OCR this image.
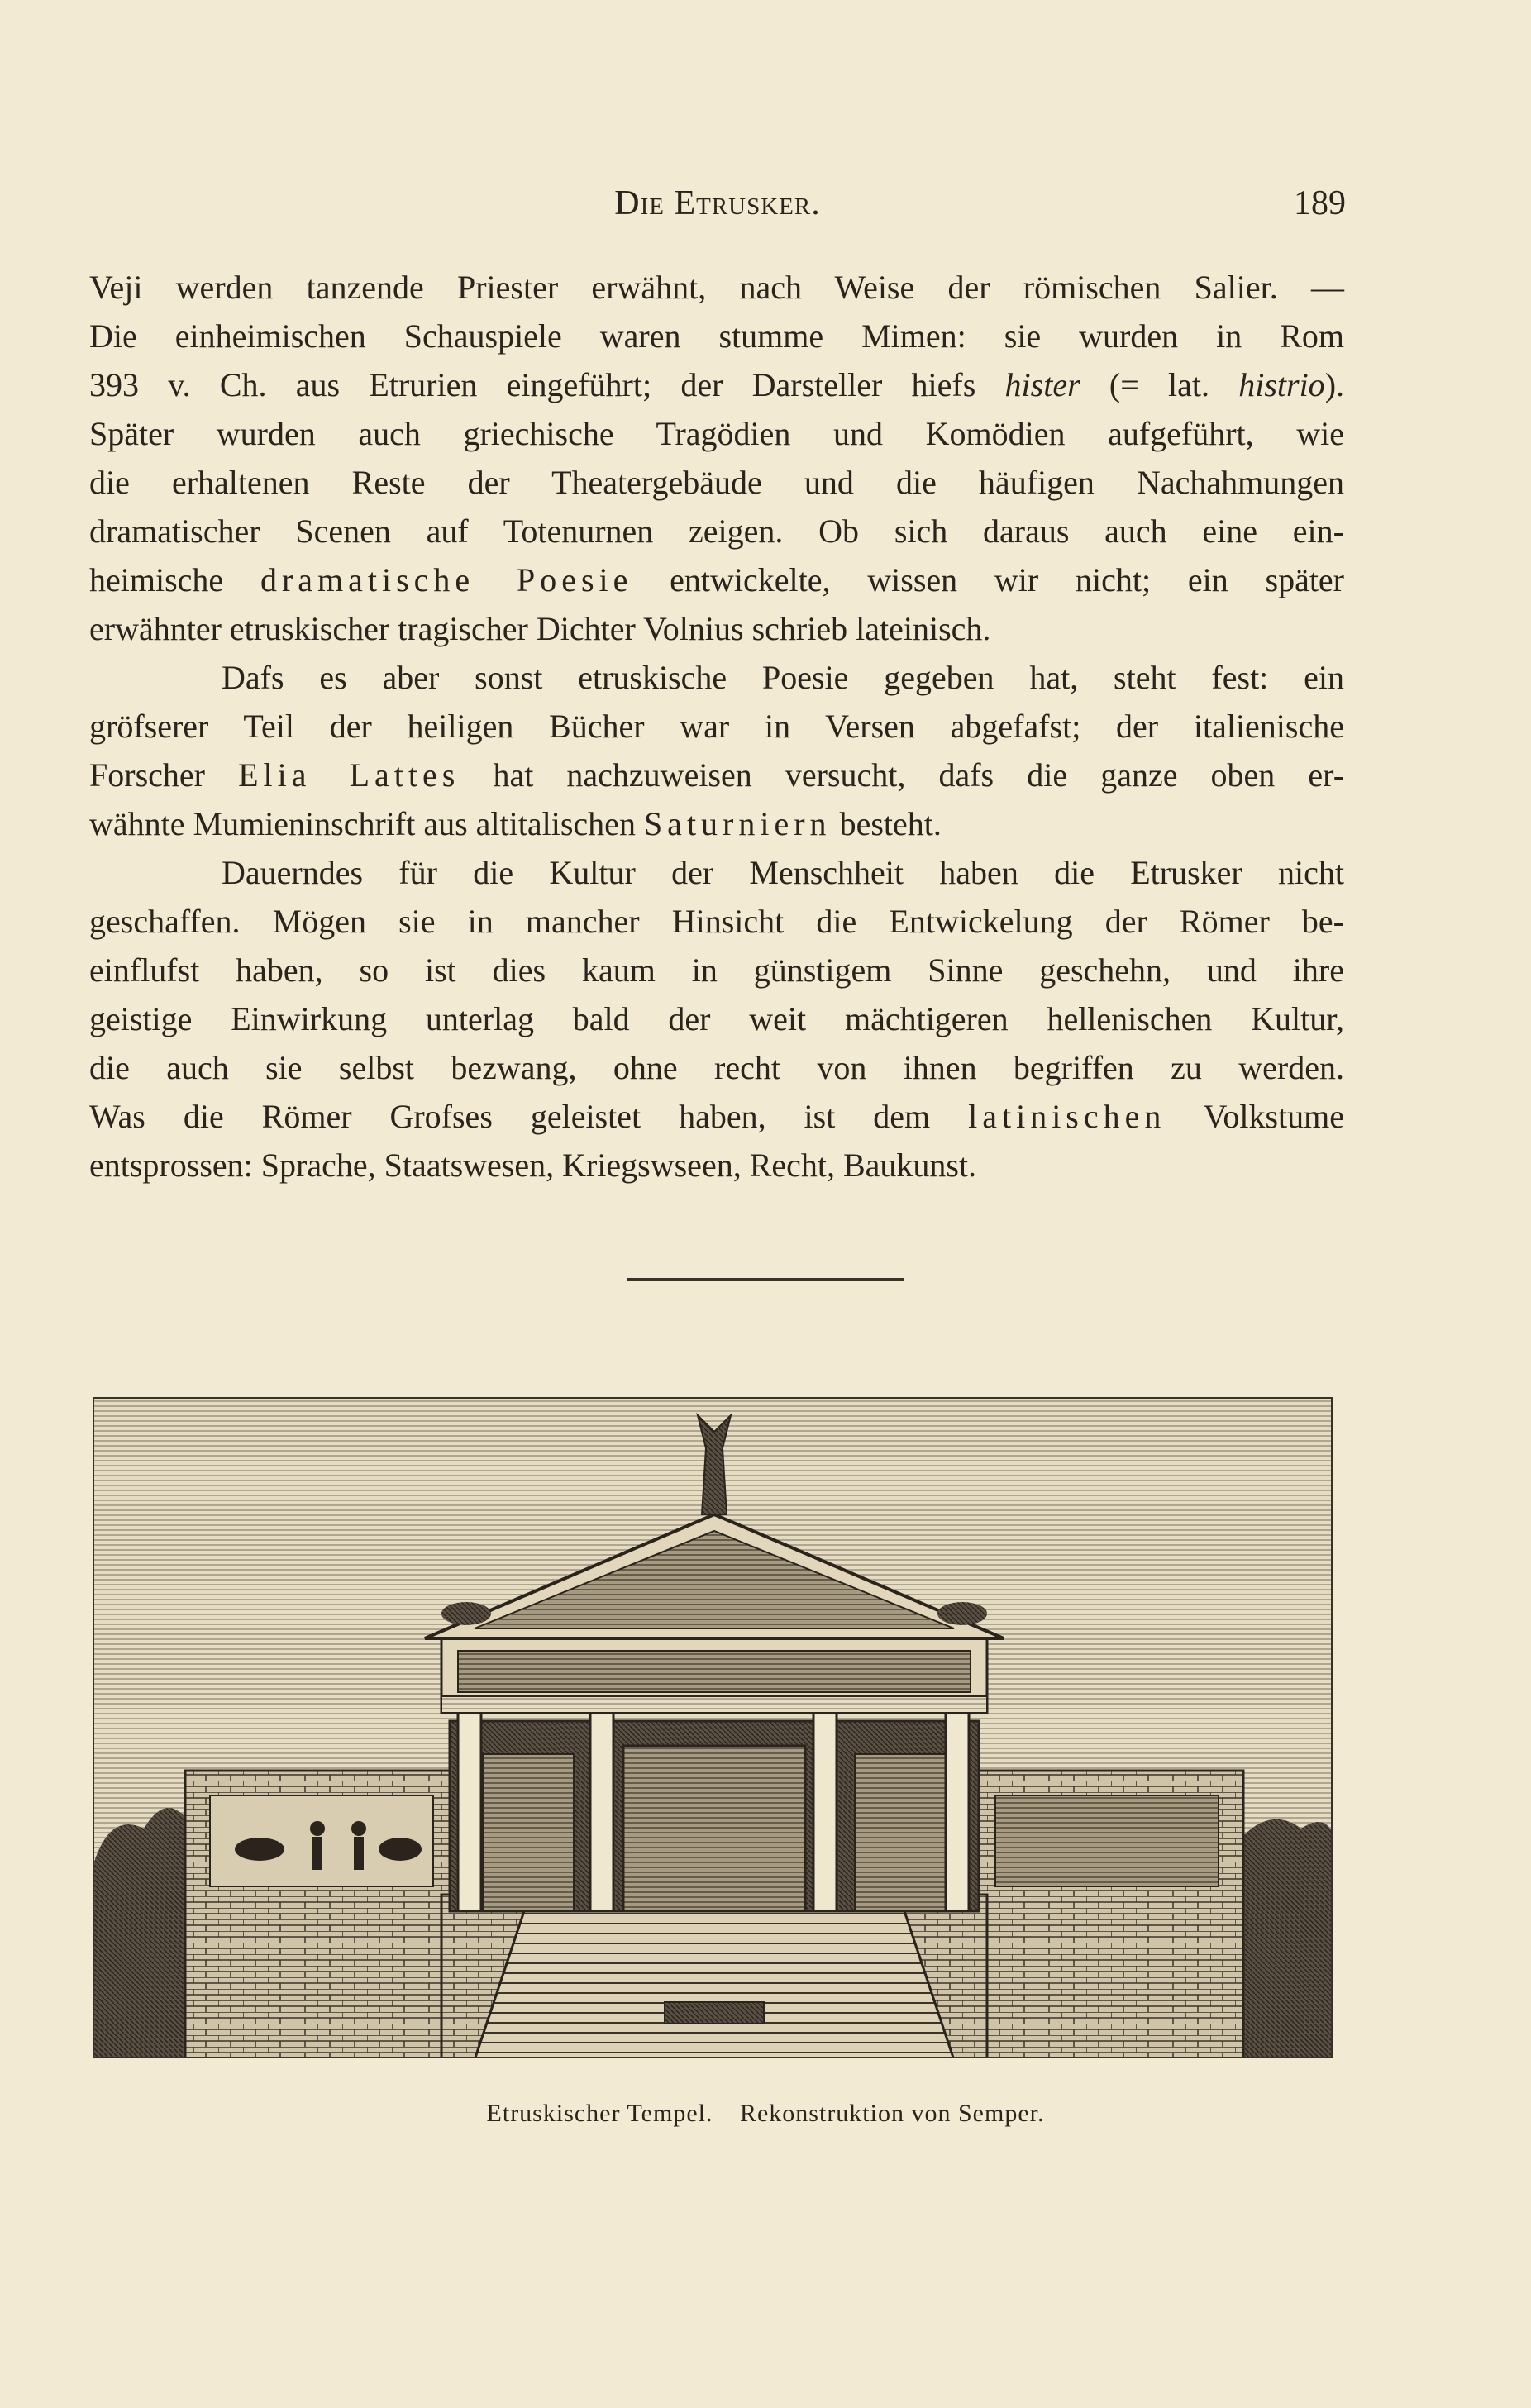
Die Etrusker.	189
Veji werden tanzende Priester erwähnt, nach Weise der römischen Salier. —
Die einheimischen Schauspiele waren stumme Mimen: sie wurden in Rom
393 v. Ch. aus Etrurien eingeführt; der Darsteller hiefs hister (= lat. histrio).
Später wurden auch griechische Tragödien und Komödien aufgeführt, wie
die erhaltenen Reste der Theatergebäude und die häufigen Nachahmungen
dramatischer Scenen auf Totenurnen zeigen. Ob sich daraus auch eine ein-
heimische dramatische Poesie entwickelte, wissen wir nicht; ein später
erwähnter etruskischer tragischer Dichter Volnius schrieb lateinisch.
Dafs es aber sonst etruskische Poesie gegeben hat, steht fest: ein
gröfserer Teil der heiligen Bücher war in Versen abgefafst; der italienische
Forscher Elia Lattes hat nachzuweisen versucht, dafs die ganze oben er-
wähnte Mumieninschrift aus altitalischen Saturniern besteht.
Dauerndes für die Kultur der Menschheit haben die Etrusker nicht
geschaffen. Mögen sie in mancher Hinsicht die Entwickelung der Römer be-
einflufst haben, so ist dies kaum in günstigem Sinne geschehn, und ihre
geistige Einwirkung unterlag bald der weit mächtigeren hellenischen Kultur,
die auch sie selbst bezwang, ohne recht von ihnen begriffen zu werden.
Was die Römer Grofses geleistet haben, ist dem latinischen Volkstume
entsprossen: Sprache, Staatswesen, Kriegswseen, Recht, Baukunst.
Etruskischer Tempel. Rekonstruktion von Semper.
